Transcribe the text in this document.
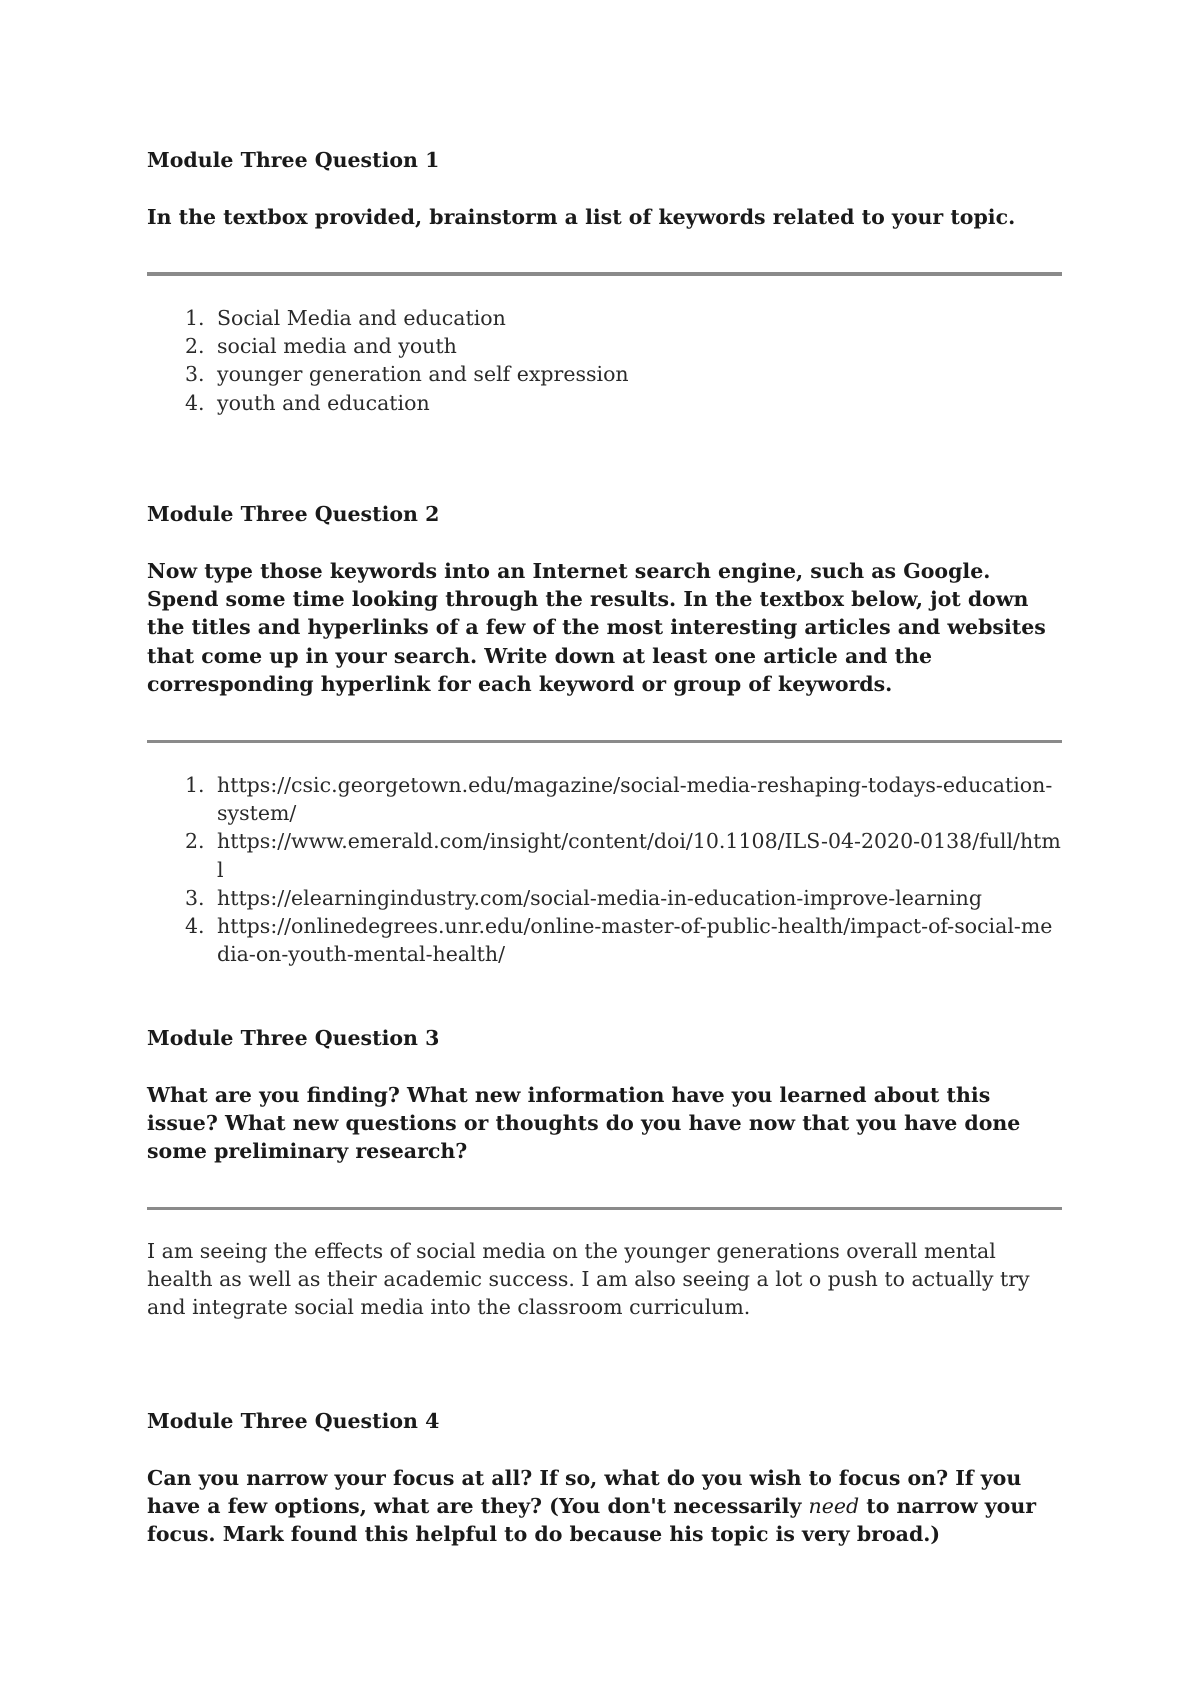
Module Three Question 1

In the textbox provided, brainstorm a list of keywords related to your topic.

1. Social Media and education
2. social media and youth
3. younger generation and self expression
4. youth and education

Module Three Question 2

Now type those keywords into an Internet search engine, such as Google. Spend some time looking through the results. In the textbox below, jot down the titles and hyperlinks of a few of the most interesting articles and websites that come up in your search. Write down at least one article and the corresponding hyperlink for each keyword or group of keywords.

1. https://csic.georgetown.edu/magazine/social-media-reshaping-todays-education-system/
2. https://www.emerald.com/insight/content/doi/10.1108/ILS-04-2020-0138/full/html
3. https://elearningindustry.com/social-media-in-education-improve-learning
4. https://onlinedegrees.unr.edu/online-master-of-public-health/impact-of-social-media-on-youth-mental-health/

Module Three Question 3

What are you finding? What new information have you learned about this issue? What new questions or thoughts do you have now that you have done some preliminary research?

I am seeing the effects of social media on the younger generations overall mental health as well as their academic success. I am also seeing a lot o push to actually try and integrate social media into the classroom curriculum.

Module Three Question 4

Can you narrow your focus at all? If so, what do you wish to focus on? If you have a few options, what are they? (You don't necessarily need to narrow your focus. Mark found this helpful to do because his topic is very broad.)
